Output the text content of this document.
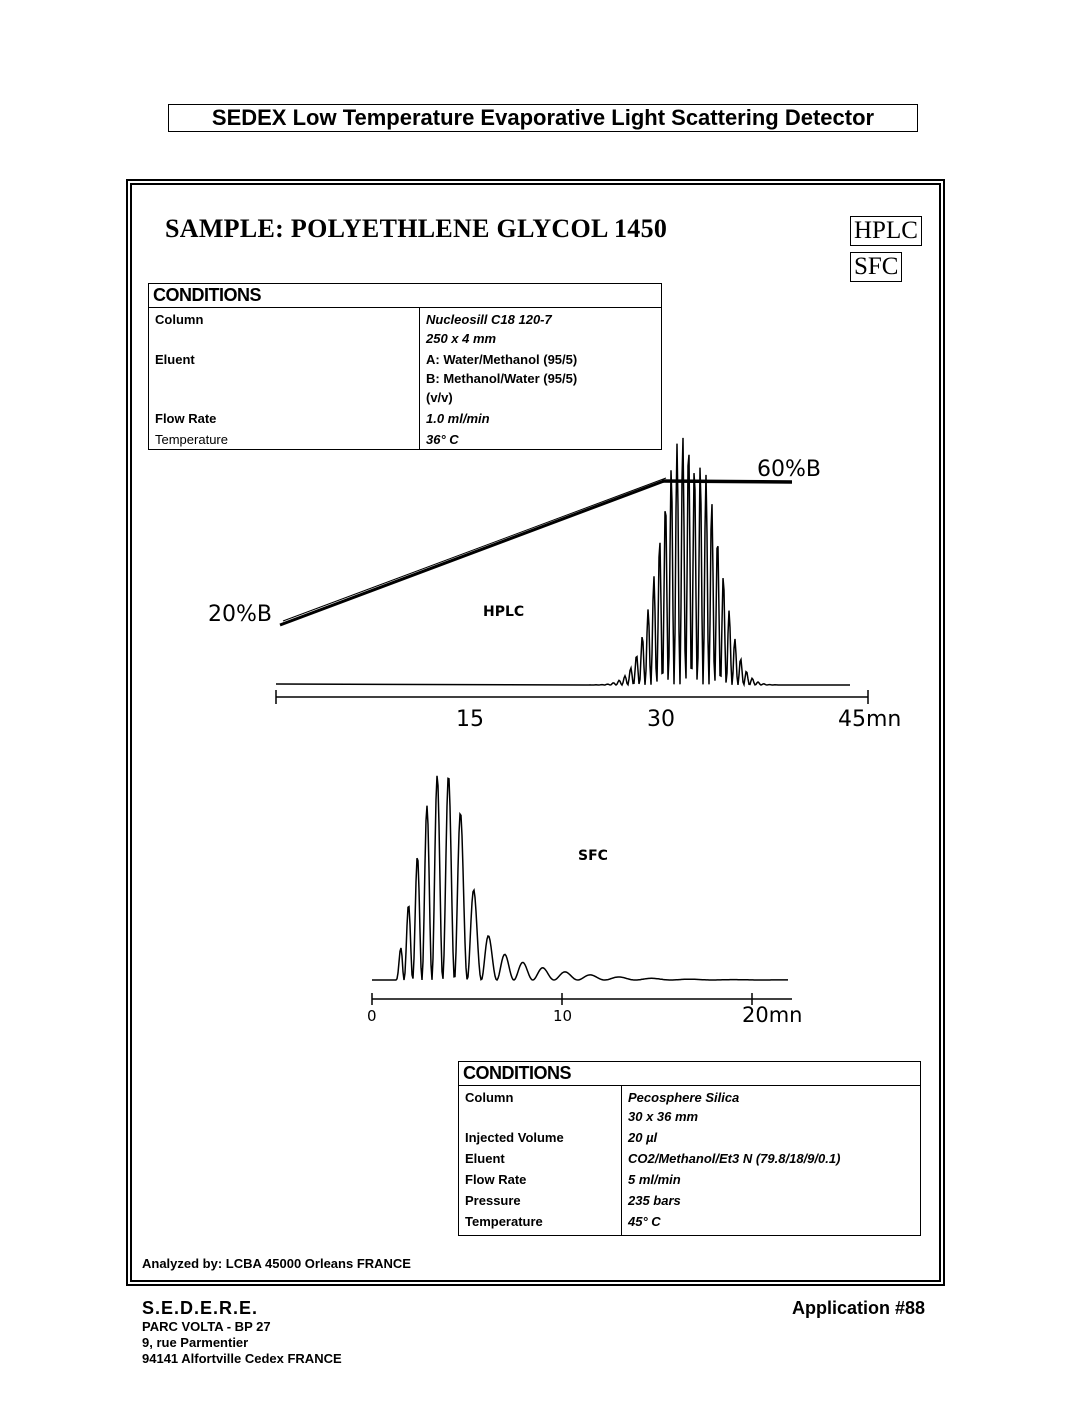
SEDEX Low Temperature Evaporative Light Scattering Detector
SAMPLE: POLYETHLENE GLYCOL 1450	HPLC
SFC
CONDITIONS	
Column	Nucleosill C18 120-7
250 x 4 mm

Eluent	A: Water/Methanol (95/5)
B: Methanol/Water (95/5)
(v/v)

Flow Rate	1.0 ml/min
Temperature	36° C
20%B
60%B
HPLC
15	30	45mn
SFC
0	10	20mn
CONDITIONS	
Column	Pecosphere Silica
30 x 36 mm

Injected Volume	20 µl
Eluent	CO2/Methanol/Et3 N (79.8/18/9/0.1)
Flow Rate	5 ml/min
Pressure	235 bars
Temperature	45° C
Analyzed by: LCBA 45000 Orleans FRANCE
S.E.D.E.R.E.
PARC VOLTA - BP 27
9, rue Parmentier
94141 Alfortville Cedex FRANCE
Application #88
